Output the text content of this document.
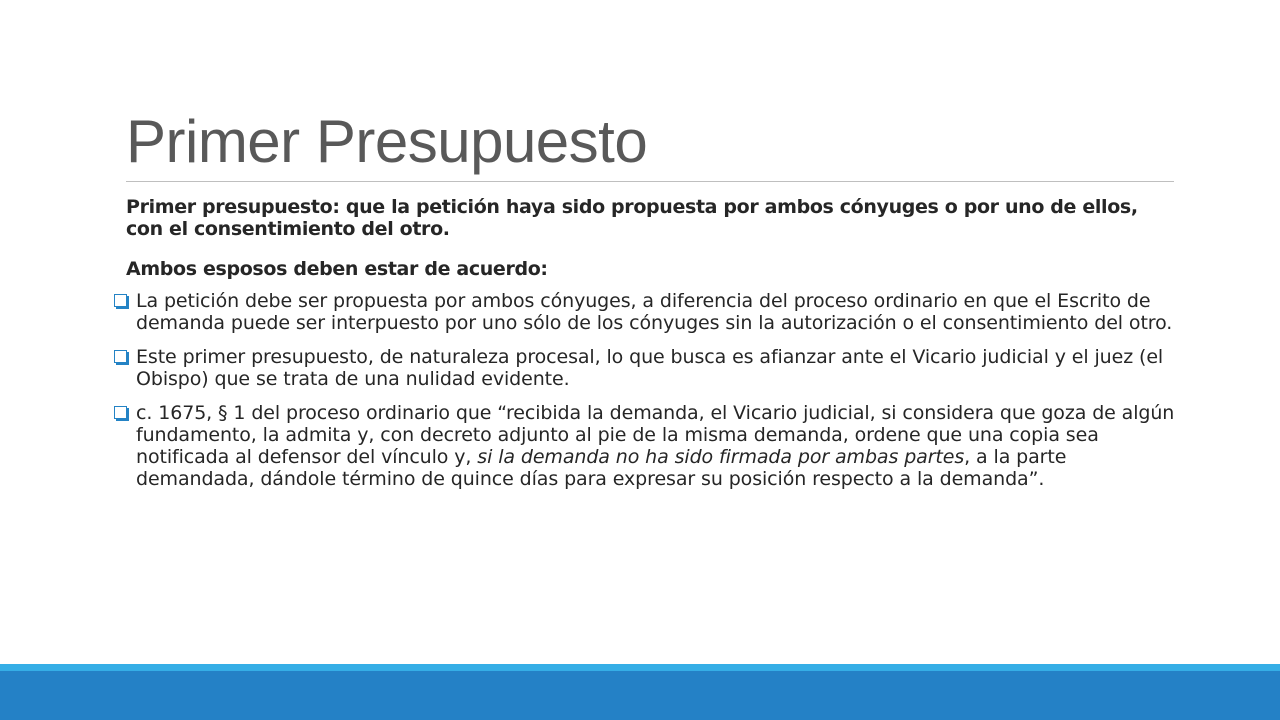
Primer Presupuesto

Primer presupuesto: que la petición haya sido propuesta por ambos cónyuges o por uno de ellos, con el consentimiento del otro.

Ambos esposos deben estar de acuerdo:

La petición debe ser propuesta por ambos cónyuges, a diferencia del proceso ordinario en que el Escrito de demanda puede ser interpuesto por uno sólo de los cónyuges sin la autorización o el consentimiento del otro.
Este primer presupuesto, de naturaleza procesal, lo que busca es afianzar ante el Vicario judicial y el juez (el Obispo) que se trata de una nulidad evidente.
c. 1675, § 1 del proceso ordinario que “recibida la demanda, el Vicario judicial, si considera que goza de algún fundamento, la admita y, con decreto adjunto al pie de la misma demanda, ordene que una copia sea notificada al defensor del vínculo y, si la demanda no ha sido firmada por ambas partes, a la parte demandada, dándole término de quince días para expresar su posición respecto a la demanda”.
